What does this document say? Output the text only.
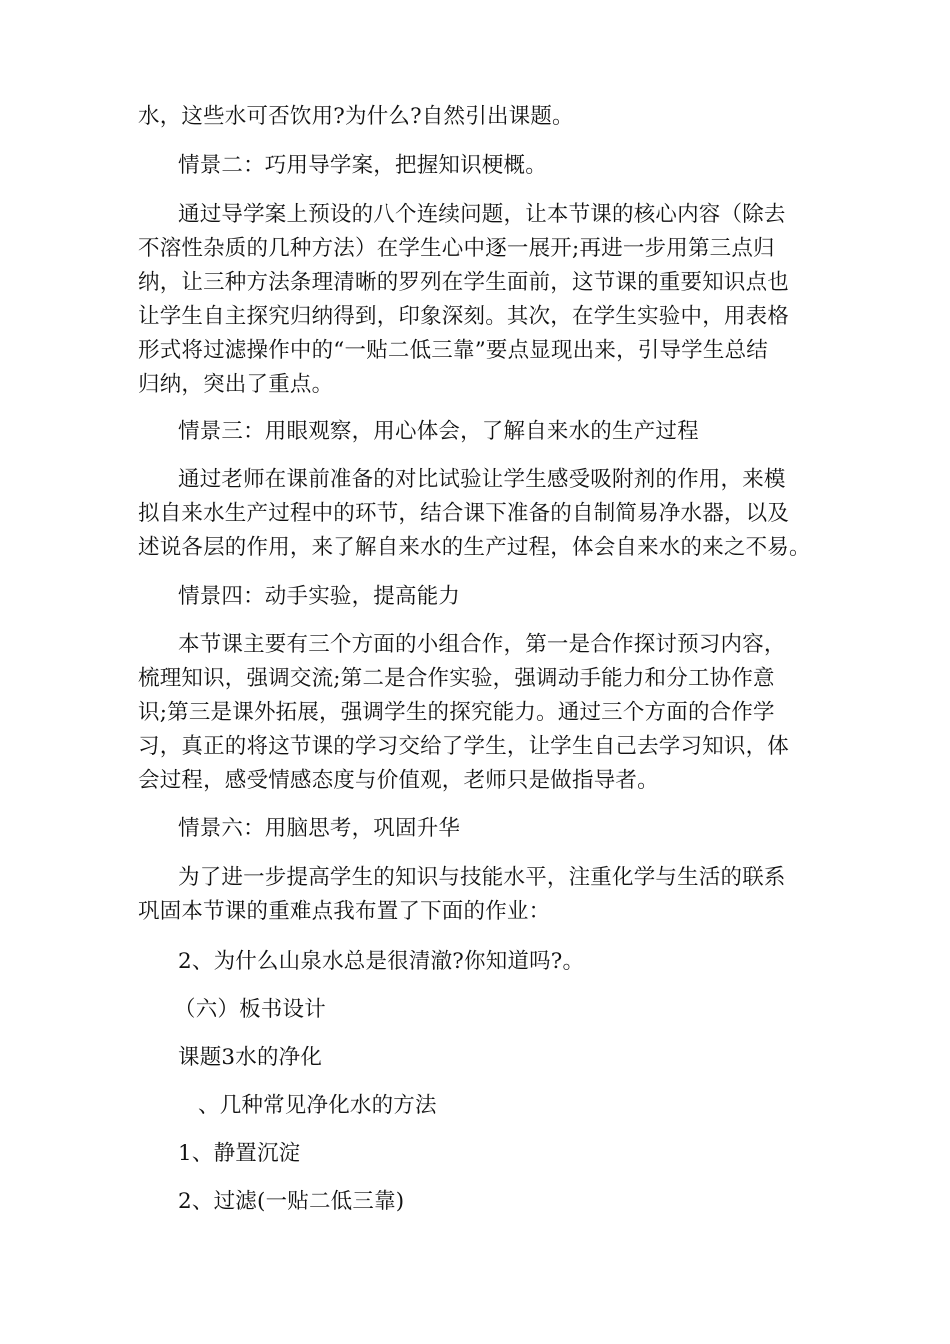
水，这些水可否饮用?为什么?自然引出课题。

情景二：巧用导学案，把握知识梗概。

通过导学案上预设的八个连续问题，让本节课的核心内容（除去
不溶性杂质的几种方法）在学生心中逐一展开;再进一步用第三点归
纳，让三种方法条理清晰的罗列在学生面前，这节课的重要知识点也
让学生自主探究归纳得到，印象深刻。其次，在学生实验中，用表格
形式将过滤操作中的“一贴二低三靠”要点显现出来，引导学生总结
归纳，突出了重点。

情景三：用眼观察，用心体会，了解自来水的生产过程

通过老师在课前准备的对比试验让学生感受吸附剂的作用，来模
拟自来水生产过程中的环节，结合课下准备的自制简易净水器，以及
述说各层的作用，来了解自来水的生产过程，体会自来水的来之不易。

情景四：动手实验，提高能力

本节课主要有三个方面的小组合作，第一是合作探讨预习内容，
梳理知识，强调交流;第二是合作实验，强调动手能力和分工协作意
识;第三是课外拓展，强调学生的探究能力。通过三个方面的合作学
习，真正的将这节课的学习交给了学生，让学生自己去学习知识，体
会过程，感受情感态度与价值观，老师只是做指导者。

情景六：用脑思考，巩固升华

为了进一步提高学生的知识与技能水平，注重化学与生活的联系
巩固本节课的重难点我布置了下面的作业：

2、为什么山泉水总是很清澈?你知道吗?。

（六）板书设计

课题3水的净化

、几种常见净化水的方法

1、静置沉淀

2、过滤(一贴二低三靠)
